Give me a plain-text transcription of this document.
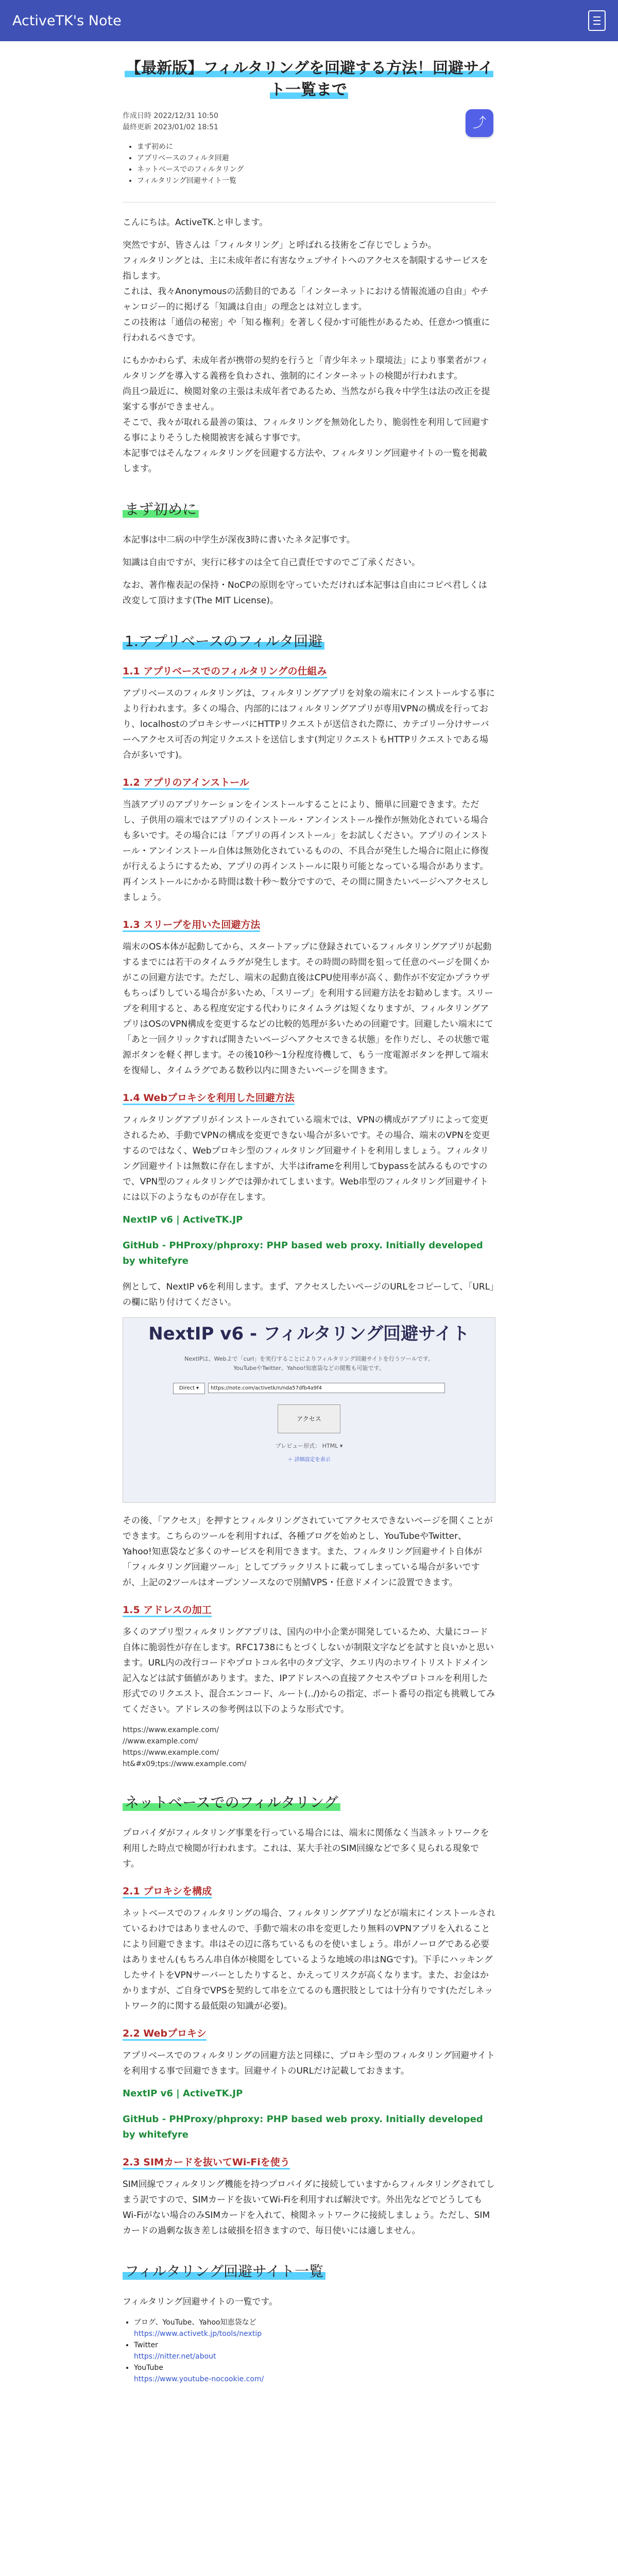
ActiveTK's Note
【最新版】フィルタリングを回避する方法！回避サイト一覧まで
作成日時 2022/12/31 10:50
最終更新 2023/01/02 18:51	⤴
• まず初めに
• アプリベースのフィルタ回避
• ネットベースでのフィルタリング
• フィルタリング回避サイト一覧

こんにちは。ActiveTK.と申します。

突然ですが、皆さんは「フィルタリング」と呼ばれる技術をご存じでしょうか。
フィルタリングとは、主に未成年者に有害なウェブサイトへのアクセスを制限するサービスを指します。
これは、我々Anonymousの活動目的である「インターネットにおける情報流通の自由」やチャンロジー的に掲げる「知識は自由」の理念とは対立します。
この技術は「通信の秘密」や「知る権利」を著しく侵かす可能性があるため、任意かつ慎重に行われるべきです。

にもかかわらず、未成年者が携帯の契約を行うと「青少年ネット環境法」により事業者がフィルタリングを導入する義務を負わされ、強制的にインターネットの検閲が行われます。
尚且つ最近に、検閲対象の主張は未成年者であるため、当然ながら我々中学生は法の改正を提案する事ができません。
そこで、我々が取れる最善の策は、フィルタリングを無効化したり、脆弱性を利用して回避する事によりそうした検閲被害を減らす事です。
本記事ではそんなフィルタリングを回避する方法や、フィルタリング回避サイトの一覧を掲載します。

まず初めに

本記事は中二病の中学生が深夜3時に書いたネタ記事です。

知識は自由ですが、実行に移すのは全て自己責任ですのでご了承ください。

なお、著作権表記の保持・NoCPの原則を守っていただければ本記事は自由にコピペ君しくは改変して頂けます(The MIT License)。

1.アプリベースのフィルタ回避
1.1 アプリベースでのフィルタリングの仕組み

アプリベースのフィルタリングは、フィルタリングアプリを対象の端末にインストールする事により行われます。多くの場合、内部的にはフィルタリングアプリが専用VPNの構成を行っており、localhostのプロキシサーバにHTTPリクエストが送信された際に、カテゴリー分けサーバーへアクセス可否の判定リクエストを送信します(判定リクエストもHTTPリクエストである場合が多いです)。

1.2 アプリのアインストール

当該アプリのアプリケーションをインストールすることにより、簡単に回避できます。ただし、子供用の端末ではアプリのインストール・アンインストール操作が無効化されている場合も多いです。その場合には「アプリの再インストール」をお試しください。アプリのインストール・アンインストール自体は無効化されているものの、不具合が発生した場合に阻止に修復が行えるようにするため、アプリの再インストールに限り可能となっている場合があります。再インストールにかかる時間は数十秒〜数分ですので、その間に開きたいページへアクセスしましょう。

1.3 スリープを用いた回避方法

端末のOS本体が起動してから、スタートアップに登録されているフィルタリングアプリが起動するまでには若干のタイムラグが発生します。その時間の時間を狙って任意のページを開くかがこの回避方法です。ただし、端末の起動直後はCPU使用率が高く、動作が不安定かプラウザもちっぱりしている場合が多いため、「スリープ」を利用する回避方法をお勧めします。スリープを利用すると、ある程度安定する代わりにタイムラグは短くなりますが、フィルタリングアプリはOSのVPN構成を変更するなどの比較的処理が多いための回避です。回避したい端末にて「あと一回クリックすれば開きたいページへアクセスできる状態」を作りだし、その状態で電源ボタンを軽く押します。その後10秒〜1分程度待機して、もう一度電源ボタンを押して端末を復帰し、タイムラグである数秒以内に開きたいページを開きます。

1.4 Webプロキシを利用した回避方法

フィルタリングアプリがインストールされている端末では、VPNの構成がアプリによって変更されるため、手動でVPNの構成を変更できない場合が多いです。その場合、端末のVPNを変更するのではなく、Webプロキシ型のフィルタリング回避サイトを利用しましょう。フィルタリング回避サイトは無数に存在しますが、大半はiframeを利用してbypassを試みるものですので、VPN型のフィルタリングでは弾かれてしまいます。Web串型のフィルタリング回避サイトには以下のようなものが存在します。

NextIP v6 | ActiveTK.JP
GitHub - PHProxy/phproxy: PHP based web proxy. Initially developed by whitefyre

例として、NextIP v6を利用します。まず、アクセスしたいページのURLをコピーして、「URL」の欄に貼り付けてください。

NextIP v6 - フィルタリング回避サイト
NextIPは、Webよで「curl」を実行することによりフィルタリング回避サイトを行うツールです。
YouTubeやTwitter、Yahoo!知恵袋などの閲覧も可能です。
Direct ▾	https://note.com/activetk/n/nda57dfb4a9f4
アクセス
プレビュー形式： HTML ▾
＋ 詳細設定を表示

その後、「アクセス」を押すとフィルタリングされていてアクセスできないページを開くことができます。こちらのツールを利用すれば、各種ブログを始めとし、YouTubeやTwitter、Yahoo!知恵袋など多くのサービスを利用できます。また、フィルタリング回避サイト自体が「フィルタリング回避ツール」としてブラックリストに載ってしまっている場合が多いですが、上記の2ツールはオープンソースなので別鯖VPS・任意ドメインに設置できます。

1.5 アドレスの加工

多くのアプリ型フィルタリングアプリは、国内の中小企業が開発しているため、大量にコード自体に脆弱性が存在します。RFC1738にもとづくしないが制限文字などを試すと良いかと思います。URL内の改行コードやプロトコル名中のタブ文字、クエリ内のホワイトリストドメイン記入などは試す価値があります。また、IPアドレスへの直接アクセスやプロトコルを利用した形式でのリクエスト、混合エンコード、ルート(../)からの指定、ポート番号の指定も挑戦してみてください。アドレスの参考例は以下のような形式です。

https://www.example.com/
//www.example.com/
https://www.example.com/
ht&#x09;tps://www.example.com/
ネットベースでのフィルタリング

プロバイダがフィルタリング事業を行っている場合には、端末に関係なく当該ネットワークを利用した時点で検閲が行われます。これは、某大手社のSIM回線などで多く見られる現象です。

2.1 プロキシを構成

ネットベースでのフィルタリングの場合、フィルタリングアプリなどが端末にインストールされているわけではありませんので、手動で端末の串を変更したり無料のVPNアプリを入れることにより回避できます。串はその辺に落ちているものを使いましょう。串がノーログである必要はありません(もちろん串自体が検閲をしているような地域の串はNGです)。下手にハッキングしたサイトをVPNサーバーとしたりすると、かえってリスクが高くなります。また、お金はかかりますが、ご自身でVPSを契約して串を立てるのも選択肢としては十分有りです(ただしネットワーク的に関する最低限の知識が必要)。

2.2 Webプロキシ

アプリベースでのフィルタリングの回避方法と同様に、プロキシ型のフィルタリング回避サイトを利用する事で回避できます。回避サイトのURLだけ記載しておきます。

NextIP v6 | ActiveTK.JP
GitHub - PHProxy/phproxy: PHP based web proxy. Initially developed by whitefyre
2.3 SIMカードを抜いてWi-Fiを使う

SIM回線でフィルタリング機能を持つプロバイダに接続していますからフィルタリングされてしまう訳ですので、SIMカードを抜いてWi-Fiを利用すれば解決です。外出先などでどうしてもWi-Fiがない場合のみSIMカードを入れて、検閲ネットワークに接続しましょう。ただし、SIMカードの過剰な抜き差しは破損を招きますので、毎日使いには適しません。

フィルタリング回避サイト一覧

フィルタリング回避サイトの一覧です。

• ブログ、YouTube、Yahoo知恵袋など
https://www.activetk.jp/tools/nextip
• Twitter
https://nitter.net/about
• YouTube
https://www.youtube-nocookie.com/
